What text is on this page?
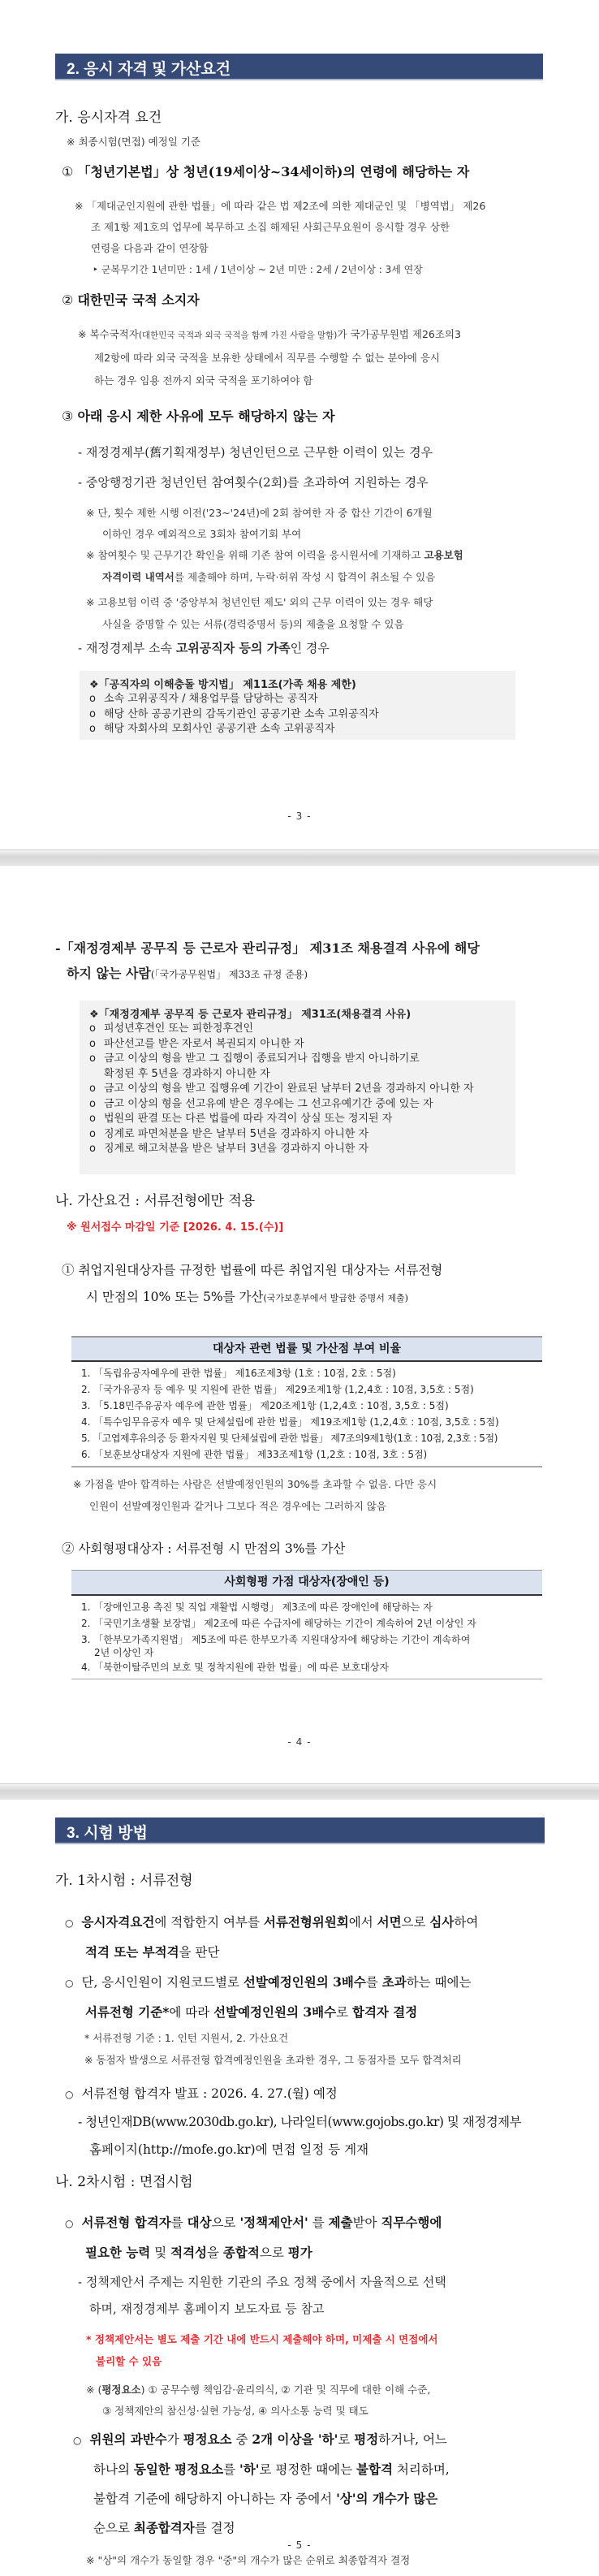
2. 응시 자격 및 가산요건
가. 응시자격 요건
※ 최종시험(면접) 예정일 기준
① 「청년기본법」상 청년(19세이상~34세이하)의 연령에 해당하는 자
※ 「제대군인지원에 관한 법률」에 따라 같은 법 제2조에 의한 제대군인 및 「병역법」 제26
조 제1항 제1호의 업무에 복무하고 소집 해제된 사회근무요원이 응시할 경우 상한
연령을 다음과 같이 연장함
‣ 군복무기간 1년미만 : 1세 / 1년이상 ~ 2년 미만 : 2세 / 2년이상 : 3세 연장
② 대한민국 국적 소지자
※ 복수국적자(대한민국 국적과 외국 국적을 함께 가진 사람을 말함)가 국가공무원법 제26조의3
제2항에 따라 외국 국적을 보유한 상태에서 직무를 수행할 수 없는 분야에 응시
하는 경우 임용 전까지 외국 국적을 포기하여야 함
③ 아래 응시 제한 사유에 모두 해당하지 않는 자
- 재정경제부(舊기획재정부) 청년인턴으로 근무한 이력이 있는 경우
- 중앙행정기관 청년인턴 참여횟수(2회)를 초과하여 지원하는 경우
※ 단, 횟수 제한 시행 이전('23~'24년)에 2회 참여한 자 중 합산 기간이 6개월
이하인 경우 예외적으로 3회차 참여기회 부여
※ 참여횟수 및 근무기간 확인을 위해 기존 참여 이력을 응시원서에 기재하고 고용보험
자격이력 내역서를 제출해야 하며, 누락·허위 작성 시 합격이 취소될 수 있음
※ 고용보험 이력 중 '중앙부처 청년인턴 제도' 외의 근무 이력이 있는 경우 해당
사실을 증명할 수 있는 서류(경력증명서 등)의 제출을 요청할 수 있음
- 재정경제부 소속 고위공직자 등의 가족인 경우
❖「공직자의 이해충돌 방지법」 제11조(가족 채용 제한)
o 소속 고위공직자 / 채용업무를 담당하는 공직자
o 해당 산하 공공기관의 감독기관인 공공기관 소속 고위공직자
o 해당 자회사의 모회사인 공공기관 소속 고위공직자
- 3 -
-「재정경제부 공무직 등 근로자 관리규정」 제31조 채용결격 사유에 해당
하지 않는 사람(「국가공무원법」 제33조 규정 준용)
❖「재정경제부 공무직 등 근로자 관리규정」 제31조(채용결격 사유)
o 피성년후견인 또는 피한정후견인
o 파산선고를 받은 자로서 복권되지 아니한 자
o 금고 이상의 형을 받고 그 집행이 종료되거나 집행을 받지 아니하기로
확정된 후 5년을 경과하지 아니한 자
o 금고 이상의 형을 받고 집행유예 기간이 완료된 날부터 2년을 경과하지 아니한 자
o 금고 이상의 형을 선고유예 받은 경우에는 그 선고유예기간 중에 있는 자
o 법원의 판결 또는 다른 법률에 따라 자격이 상실 또는 정지된 자
o 징계로 파면처분을 받은 날부터 5년을 경과하지 아니한 자
o 징계로 해고처분을 받은 날부터 3년을 경과하지 아니한 자
나. 가산요건 : 서류전형에만 적용
※ 원서접수 마감일 기준 [2026. 4. 15.(수)]
① 취업지원대상자를 규정한 법률에 따른 취업지원 대상자는 서류전형
시 만점의 10% 또는 5%를 가산(국가보훈부에서 발급한 증명서 제출)
대상자 관련 법률 및 가산점 부여 비율
1. 「독립유공자예우에 관한 법률」 제16조제3항 (1호 : 10점, 2호 : 5점)
2. 「국가유공자 등 예우 및 지원에 관한 법률」 제29조제1항 (1,2,4호 : 10점, 3,5호 : 5점)
3. 「5.18민주유공자 예우에 관한 법률」 제20조제1항 (1,2,4호 : 10점, 3,5호 : 5점)
4. 「특수임무유공자 예우 및 단체설립에 관한 법률」 제19조제1항 (1,2,4호 : 10점, 3,5호 : 5점)
5. 「고엽제후유의증 등 환자지원 및 단체설립에 관한 법률」 제7조의9제1항(1호 : 10점, 2,3호 : 5점)
6. 「보훈보상대상자 지원에 관한 법률」 제33조제1항 (1,2호 : 10점, 3호 : 5점)
※ 가점을 받아 합격하는 사람은 선발예정인원의 30%를 초과할 수 없음. 다만 응시
인원이 선발예정인원과 같거나 그보다 적은 경우에는 그러하지 않음
② 사회형평대상자 : 서류전형 시 만점의 3%를 가산
사회형평 가점 대상자(장애인 등)
1. 「장애인고용 촉진 및 직업 재활법 시행령」 제3조에 따른 장애인에 해당하는 자
2. 「국민기초생활 보장법」 제2조에 따른 수급자에 해당하는 기간이 계속하여 2년 이상인 자
3. 「한부모가족지원법」 제5조에 따른 한부모가족 지원대상자에 해당하는 기간이 계속하여
2년 이상인 자
4. 「북한이탈주민의 보호 및 정착지원에 관한 법률」에 따른 보호대상자
- 4 -
3. 시험 방법
가. 1차시험 : 서류전형
○ 응시자격요건에 적합한지 여부를 서류전형위원회에서 서면으로 심사하여
적격 또는 부적격을 판단
○ 단, 응시인원이 지원코드별로 선발예정인원의 3배수를 초과하는 때에는
서류전형 기준*에 따라 선발예정인원의 3배수로 합격자 결정
* 서류전형 기준 : 1. 인턴 지원서, 2. 가산요건
※ 동점자 발생으로 서류전형 합격예정인원을 초과한 경우, 그 동점자를 모두 합격처리
○ 서류전형 합격자 발표 : 2026. 4. 27.(월) 예정
- 청년인재DB(www.2030db.go.kr), 나라일터(www.gojobs.go.kr) 및 재정경제부
홈페이지(http://mofe.go.kr)에 면접 일정 등 게재
나. 2차시험 : 면접시험
○ 서류전형 합격자를 대상으로 '정책제안서' 를 제출받아 직무수행에
필요한 능력 및 적격성을 종합적으로 평가
- 정책제안서 주제는 지원한 기관의 주요 정책 중에서 자율적으로 선택
하며, 재정경제부 홈페이지 보도자료 등 참고
* 정책제안서는 별도 제출 기간 내에 반드시 제출해야 하며, 미제출 시 면접에서
불리할 수 있음
※ (평정요소) ① 공무수행 책임감·윤리의식, ② 기관 및 직무에 대한 이해 수준,
③ 정책제안의 참신성·실현 가능성, ④ 의사소통 능력 및 태도
○ 위원의 과반수가 평정요소 중 2개 이상을 '하'로 평정하거나, 어느
하나의 동일한 평정요소를 '하'로 평정한 때에는 불합격 처리하며,
불합격 기준에 해당하지 아니하는 자 중에서 '상'의 개수가 많은
순으로 최종합격자를 결정
※ "상"의 개수가 동일할 경우 "중"의 개수가 많은 순위로 최종합격자 결정
- 5 -
